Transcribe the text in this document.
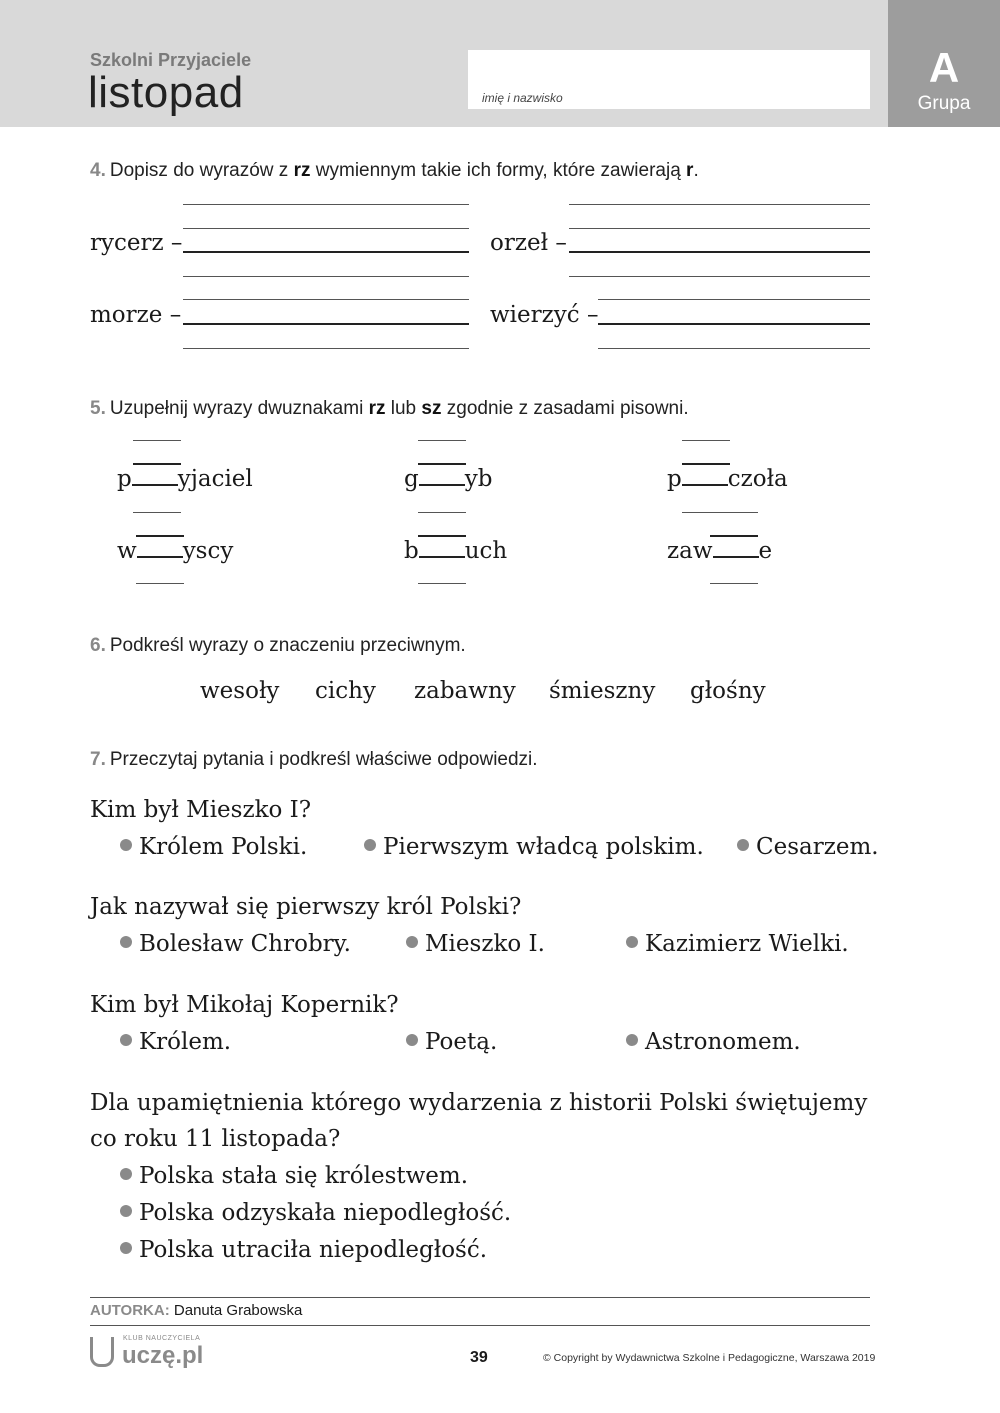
Szkolni Przyjaciele
listopad	imię i nazwisko
A
Grupa
4. Dopisz do wyrazów z rz wymiennym takie ich formy, które zawierają r.
rycerz –	orzeł –
morze –	wierzyć –
5. Uzupełnij wyrazy dwuznakami rz lub sz zgodnie z zasadami pisowni.
p yjaciel	g yb	p czoła
w yscy	b uch	zaw e
6. Podkreśl wyrazy o znaczeniu przeciwnym.
wesoły cichy zabawny śmieszny głośny
7. Przeczytaj pytania i podkreśl właściwe odpowiedzi.
Kim był Mieszko I?
Królem Polski.	Pierwszym władcą polskim.	Cesarzem.
Jak nazywał się pierwszy król Polski?
Bolesław Chrobry.	Mieszko I.	Kazimierz Wielki.
Kim był Mikołaj Kopernik?
Królem.	Poetą.	Astronomem.
Dla upamiętnienia którego wydarzenia z historii Polski świętujemy
co roku 11 listopada?
Polska stała się królestwem.
Polska odzyskała niepodległość.
Polska utraciła niepodległość.
AUTORKA: Danuta Grabowska
KLUB NAUCZYCIELA
uczę.pl	39	© Copyright by Wydawnictwa Szkolne i Pedagogiczne, Warszawa 2019
